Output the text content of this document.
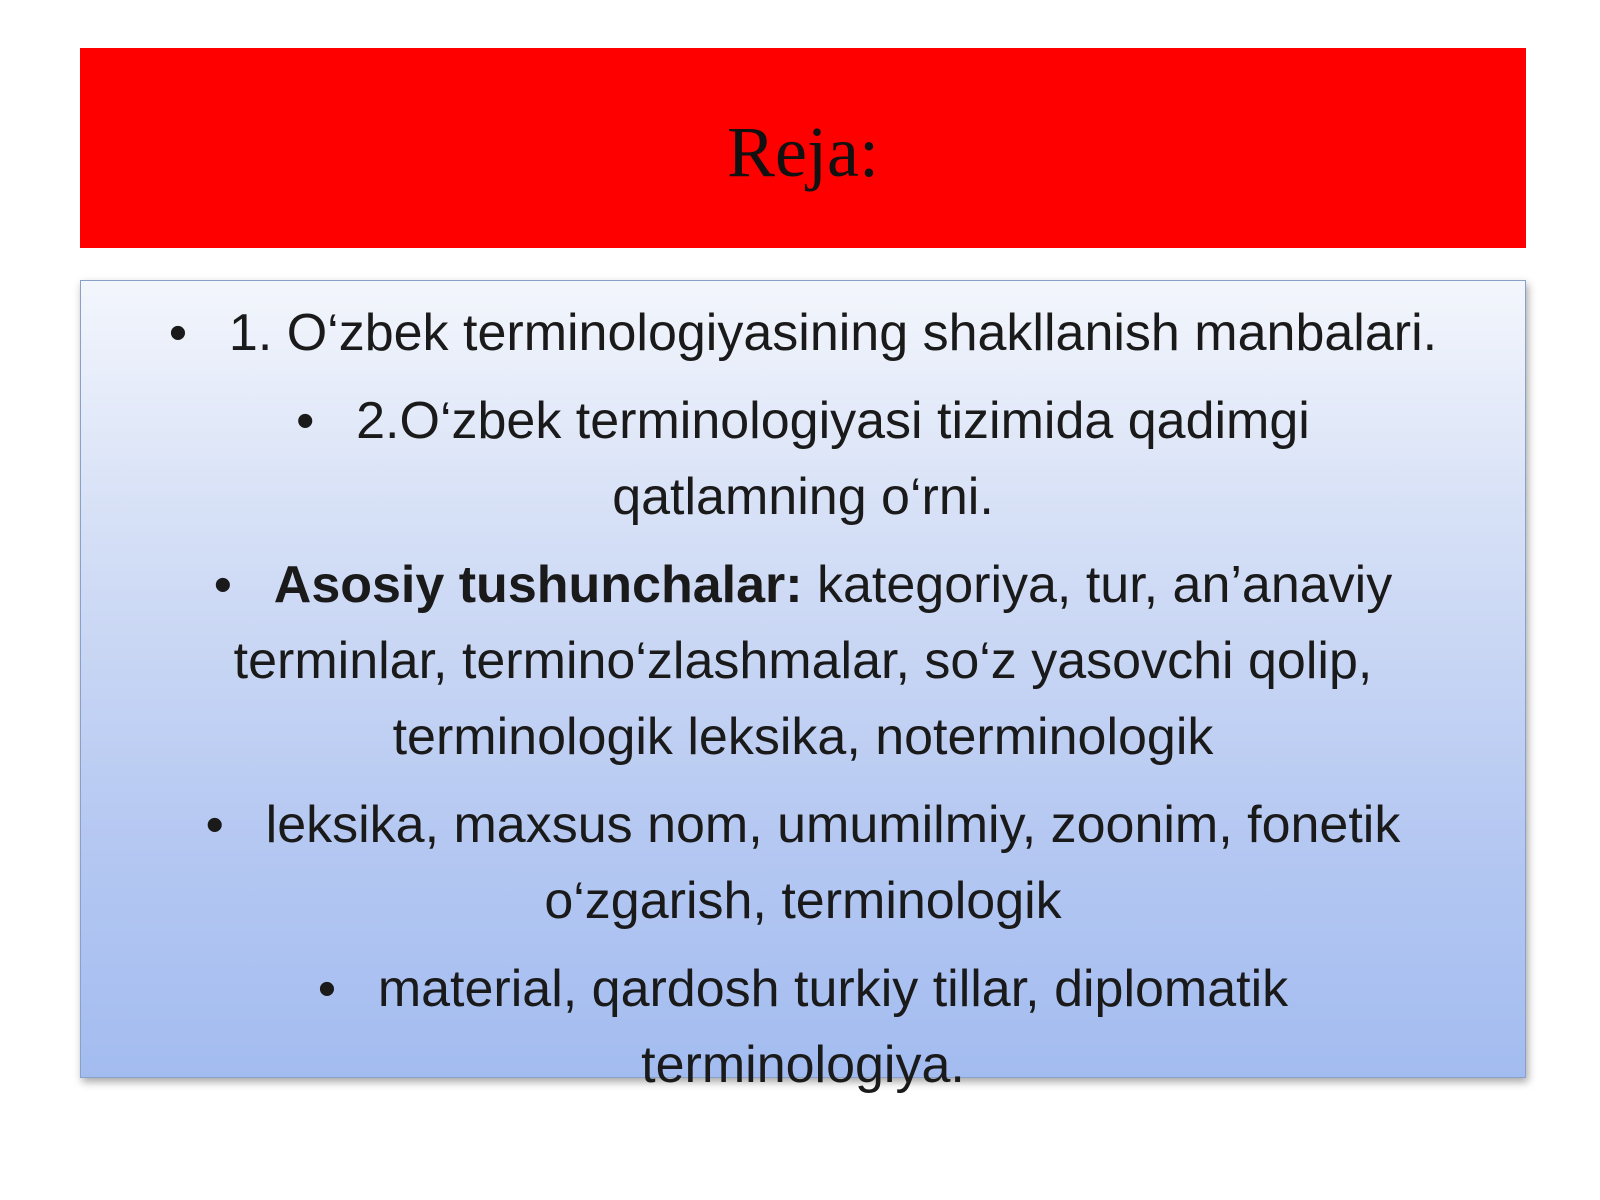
Reja:
• 1. O‘zbek terminologiyasining shakllanish manbalari.
• 2.O‘zbek terminologiyasi tizimida qadimgi qatlamning o‘rni.
• Asosiy tushunchalar: kategoriya, tur, an’anaviy terminlar, termino‘zlashmalar, so‘z yasovchi qolip, terminologik leksika, noterminologik
• leksika, maxsus nom, umumilmiy, zoonim, fonetik o‘zgarish, terminologik
• material, qardosh turkiy tillar, diplomatik terminologiya.
